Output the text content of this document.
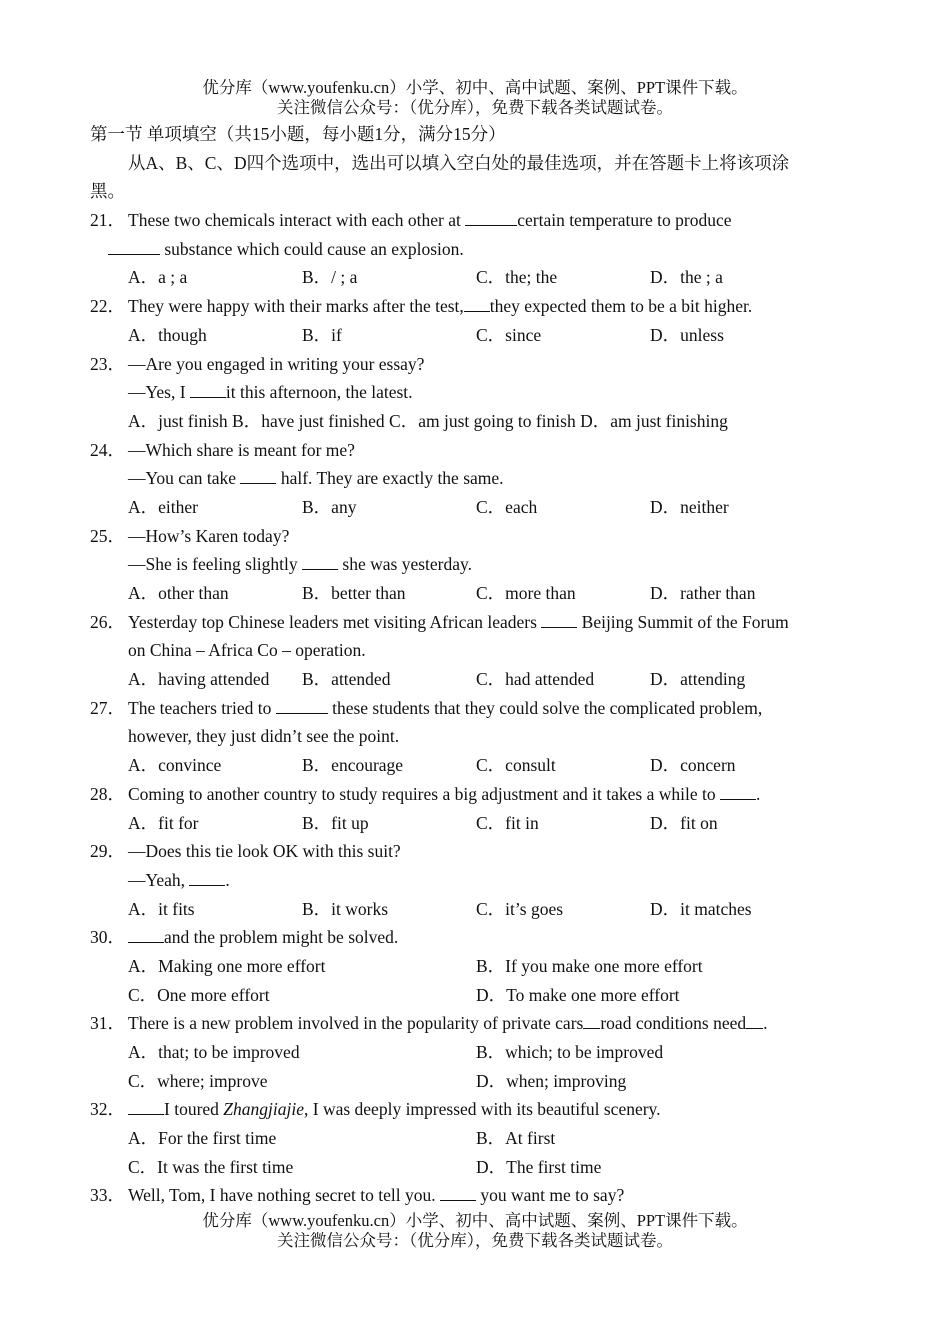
优分库（www.youfenku.cn）小学、初中、高中试题、案例、PPT课件下载。
关注微信公众号：（优分库），免费下载各类试题试卷。
第一节 单项填空（共15小题，每小题1分，满分15分）
从A、B、C、D四个选项中，选出可以填入空白处的最佳选项，并在答题卡上将该项涂
黑。
21． These two chemicals interact with each other at	certain temperature to produce
substance which could cause an explosion.
A．a ; a	B．/ ; a	C．the; the	D．the ; a
22． They were happy with their marks after the test, they expected them to be a bit higher.
A．though	B．if	C．since	D．unless
23． —Are you engaged in writing your essay?
—Yes, I it this afternoon, the latest.
A．just finish B．have just finished C．am just going to finish D．am just finishing
24． —Which share is meant for me?
—You can take  half. They are exactly the same.
A．either	B．any	C．each	D．neither
25． —How’s Karen today?
—She is feeling slightly  she was yesterday.
A．other than	B．better than	C．more than	D．rather than
26． Yesterday top Chinese leaders met visiting African leaders  Beijing Summit of the Forum
on China – Africa Co – operation.
A．having attended B．attended	C．had attended	D．attending
27． The teachers tried to	these students that they could solve the complicated problem,
however, they just didn’t see the point.
A．convince	B．encourage	C．consult	D．concern
28． Coming to another country to study requires a big adjustment and it takes a while to .
A．fit for	B．fit up	C．fit in	D．fit on
29． —Does this tie look OK with this suit?
—Yeah, .
A．it fits	B．it works	C．it’s goes	D．it matches
30．	and the problem might be solved.
A．Making one more effort	B．If you make one more effort
C．One more effort	D．To make one more effort
31． There is a new problem involved in the popularity of private cars road conditions need .
A．that; to be improved	B．which; to be improved
C．where; improve	D．when; improving
32．	I toured Zhangjiajie, I was deeply impressed with its beautiful scenery.
A．For the first time	B．At first
C．It was the first time	D．The first time
33． Well, Tom, I have nothing secret to tell you.  you want me to say?
优分库（www.youfenku.cn）小学、初中、高中试题、案例、PPT课件下载。
关注微信公众号：（优分库），免费下载各类试题试卷。
